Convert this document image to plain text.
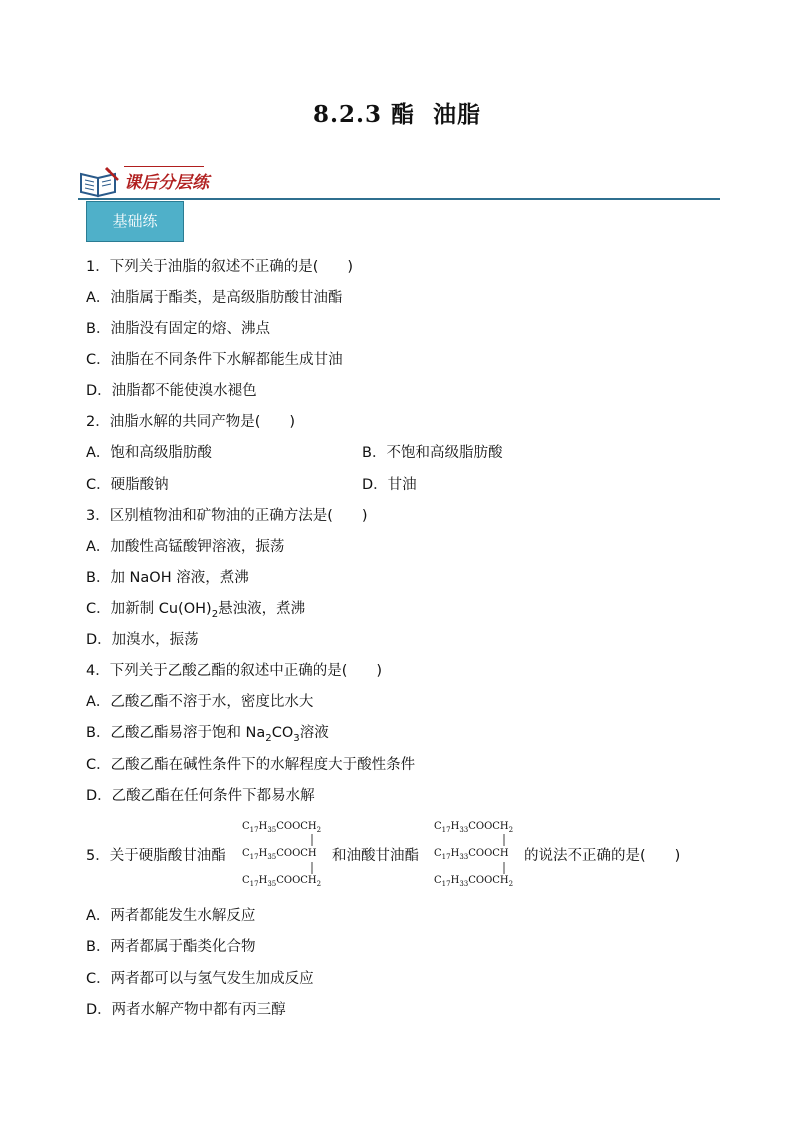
8.2.3 酯 油脂
课后分层练
基础练
1．下列关于油脂的叙述不正确的是(　　)
A．油脂属于酯类，是高级脂肪酸甘油酯
B．油脂没有固定的熔、沸点
C．油脂在不同条件下水解都能生成甘油
D．油脂都不能使溴水褪色
2．油脂水解的共同产物是(　　)
A．饱和高级脂肪酸	B．不饱和高级脂肪酸
C．硬脂酸钠	D．甘油
3．区别植物油和矿物油的正确方法是(　　)
A．加酸性高锰酸钾溶液，振荡
B．加 NaOH 溶液，煮沸
C．加新制 $Cu(OH)_2$悬浊液，煮沸
D．加溴水，振荡
4．下列关于乙酸乙酯的叙述中正确的是(　　)
A．乙酸乙酯不溶于水，密度比水大
B．乙酸乙酯易溶于饱和 $Na_2CO_3$溶液
C．乙酸乙酯在碱性条件下的水解程度大于酸性条件
D．乙酸乙酯在任何条件下都易水解
5．关于硬脂酸甘油酯
$C_{17}H_{35}COOCH_2$
$C_{17}H_{35}COOCH$
$C_{17}H_{35}COOCH_2$
和油酸甘油酯
$C_{17}H_{33}COOCH_2$
$C_{17}H_{33}COOCH$
$C_{17}H_{33}COOCH_2$
的说法不正确的是(　　)
A．两者都能发生水解反应
B．两者都属于酯类化合物
C．两者都可以与氢气发生加成反应
D．两者水解产物中都有丙三醇
